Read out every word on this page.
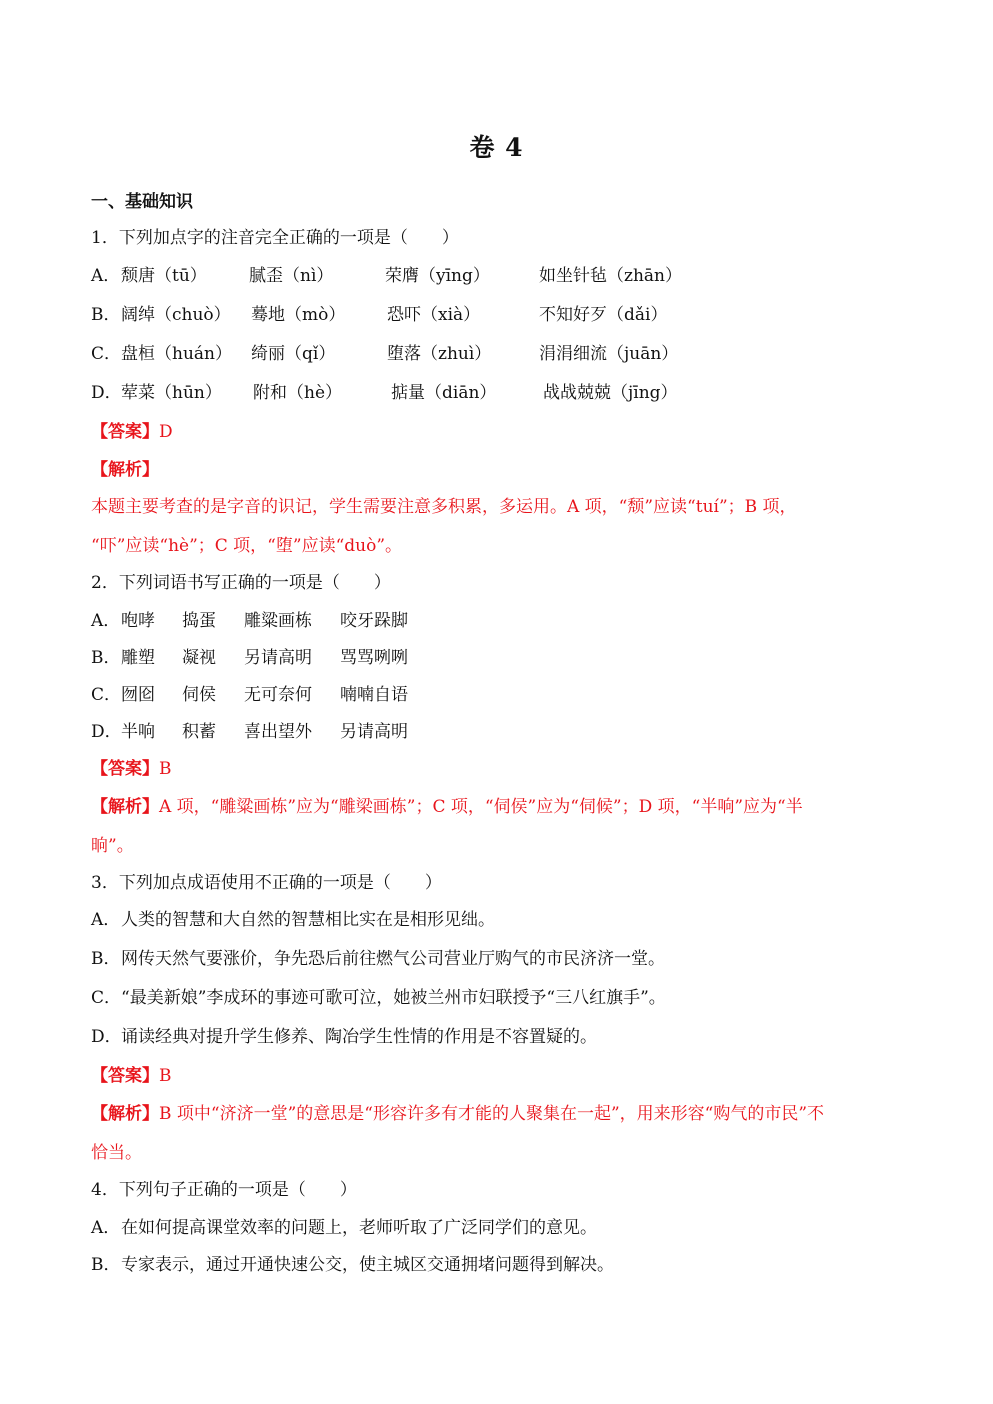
卷 4
一、基础知识
1．下列加点字的注音完全正确的一项是（　　）
A． 颓唐（tū） 腻歪（nì）	荣膺（yīng）	如坐针毡（zhān）
B． 阔绰（chuò） 蓦地（mò） 恐吓（xià）	不知好歹（dǎi）
C． 盘桓（huán） 绮丽（qǐ）	堕落（zhuì）	涓涓细流（juān）
D． 荤菜（hūn） 附和（hè）	掂量（diān）	战战兢兢（jīng）
【答案】D
【解析】
本题主要考查的是字音的识记，学生需要注意多积累，多运用。A 项，“颓”应读“tuí”；B 项，
“吓”应读“hè”；C 项，“堕”应读“duò”。
2．下列词语书写正确的一项是（　　）
A． 咆哮 捣蛋 雕粱画栋 咬牙跺脚
B． 雕塑 凝视 另请高明 骂骂咧咧
C． 囫囵 伺侯 无可奈何 喃喃自语
D． 半响 积蓄 喜出望外 另请高明
【答案】B
【解析】A 项，“雕粱画栋”应为“雕梁画栋”；C 项，“伺侯”应为“伺候”；D 项，“半响”应为“半
晌”。
3．下列加点成语使用不正确的一项是（　　）
A． 人类的智慧和大自然的智慧相比实在是相形见绌。
B． 网传天然气要涨价，争先恐后前往燃气公司营业厅购气的市民济济一堂。
C． “最美新娘”李成环的事迹可歌可泣，她被兰州市妇联授予“三八红旗手”。
D． 诵读经典对提升学生修养、陶冶学生性情的作用是不容置疑的。
【答案】B
【解析】B 项中“济济一堂”的意思是“形容许多有才能的人聚集在一起”，用来形容“购气的市民”不
恰当。
4．下列句子正确的一项是（　　）
A． 在如何提高课堂效率的问题上，老师听取了广泛同学们的意见。
B． 专家表示，通过开通快速公交，使主城区交通拥堵问题得到解决。
